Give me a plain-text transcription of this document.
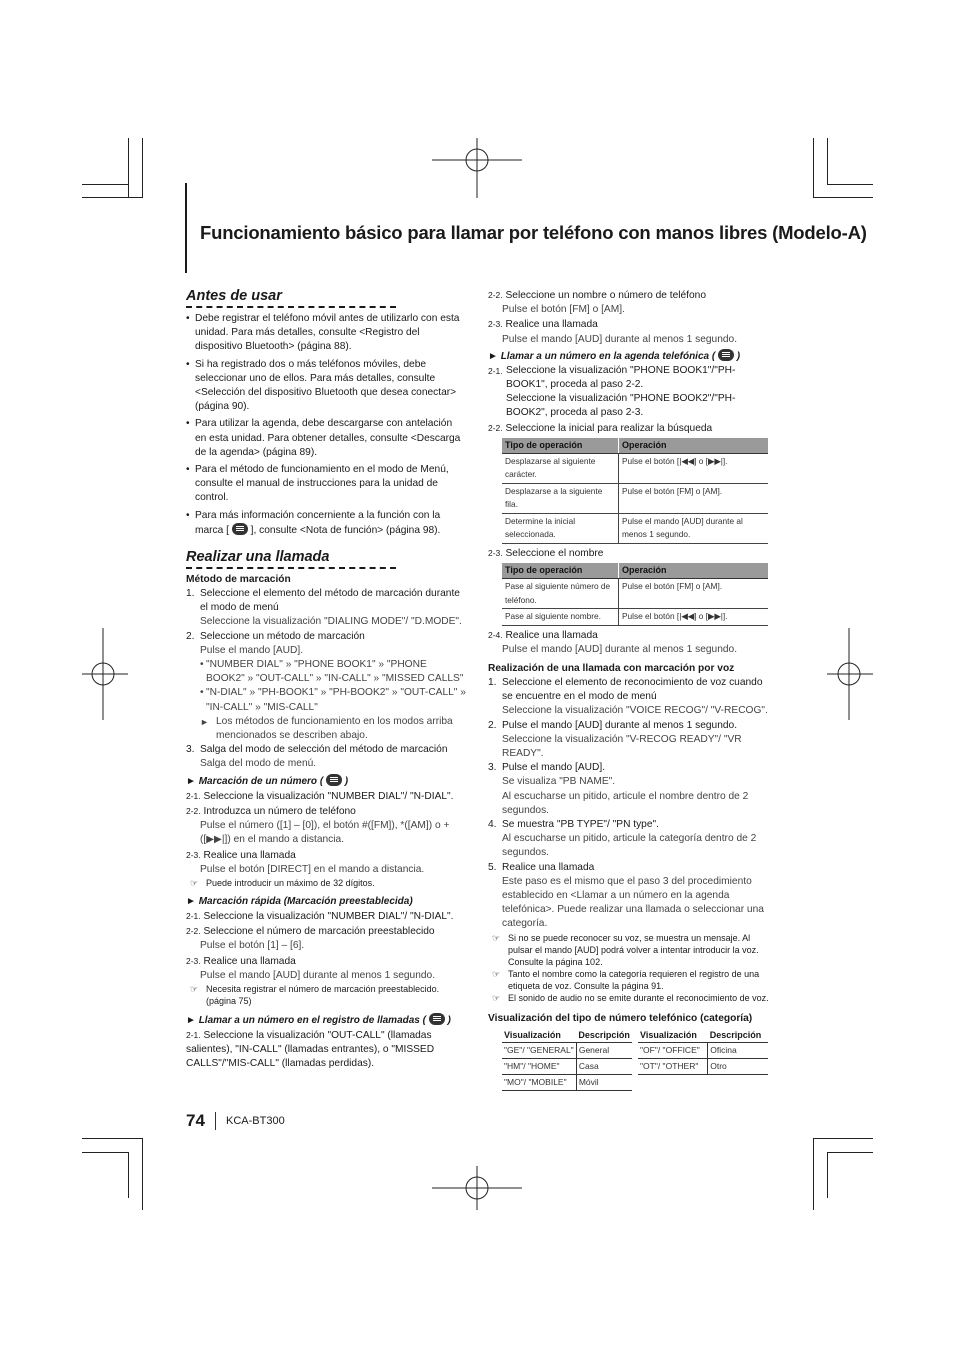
Funcionamiento básico para llamar por teléfono con manos libres (Modelo-A)
Antes de usar
• Debe registrar el teléfono móvil antes de utilizarlo con esta unidad. Para más detalles, consulte <Registro del dispositivo Bluetooth> (página 88).
• Si ha registrado dos o más teléfonos móviles, debe seleccionar uno de ellos. Para más detalles, consulte <Selección del dispositivo Bluetooth que desea conectar> (página 90).
• Para utilizar la agenda, debe descargarse con antelación en esta unidad. Para obtener detalles, consulte <Descarga de la agenda> (página 89).
• Para el método de funcionamiento en el modo de Menú, consulte el manual de instrucciones para la unidad de control.
• Para más información concerniente a la función con la marca [ ], consulte <Nota de función> (página 98).
Realizar una llamada
Método de marcación
1. Seleccione el elemento del método de marcación durante el modo de menú
Seleccione la visualización "DIALING MODE"/ "D.MODE".
2. Seleccione un método de marcación
Pulse el mando [AUD].
• "NUMBER DIAL" » "PHONE BOOK1" » "PHONE BOOK2" » "OUT-CALL" » "IN-CALL" » "MISSED CALLS"
• "N-DIAL" » "PH-BOOK1" » "PH-BOOK2" » "OUT-CALL" » "IN-CALL" » "MIS-CALL"
► Los métodos de funcionamiento en los modos arriba mencionados se describen abajo.
3. Salga del modo de selección del método de marcación
Salga del modo de menú.
► Marcación de un número ( )
2-1. Seleccione la visualización "NUMBER DIAL"/ "N-DIAL".
2-2. Introduzca un número de teléfono
Pulse el número ([1] – [0]), el botón #([FM]), *([AM]) o +([▶▶|]) en el mando a distancia.
2-3. Realice una llamada
Pulse el botón [DIRECT] en el mando a distancia.
☞ Puede introducir un máximo de 32 dígitos.
► Marcación rápida (Marcación preestablecida)
2-1. Seleccione la visualización "NUMBER DIAL"/ "N-DIAL".
2-2. Seleccione el número de marcación preestablecido
Pulse el botón [1] – [6].
2-3. Realice una llamada
Pulse el mando [AUD] durante al menos 1 segundo.
☞ Necesita registrar el número de marcación preestablecido. (página 75)
► Llamar a un número en el registro de llamadas ( )
2-1. Seleccione la visualización "OUT-CALL" (llamadas salientes), "IN-CALL" (llamadas entrantes), o "MISSED CALLS"/"MIS-CALL" (llamadas perdidas).
2-2. Seleccione un nombre o número de teléfono
Pulse el botón [FM] o [AM].
2-3. Realice una llamada
Pulse el mando [AUD] durante al menos 1 segundo.
► Llamar a un número en la agenda telefónica ( )
2-1. Seleccione la visualización "PHONE BOOK1"/"PH-BOOK1", proceda al paso 2-2.
Seleccione la visualización "PHONE BOOK2"/"PH-BOOK2", proceda al paso 2-3.
2-2. Seleccione la inicial para realizar la búsqueda
Tipo de operación	Operación
Desplazarse al siguiente carácter.	Pulse el botón [|◀◀] o [▶▶|].
Desplazarse a la siguiente fila.	Pulse el botón [FM] o [AM].
Determine la inicial seleccionada.	Pulse el mando [AUD] durante al menos 1 segundo.
2-3. Seleccione el nombre
Tipo de operación	Operación
Pase al siguiente número de teléfono.	Pulse el botón [FM] o [AM].
Pase al siguiente nombre.	Pulse el botón [|◀◀] o [▶▶|].
2-4. Realice una llamada
Pulse el mando [AUD] durante al menos 1 segundo.
Realización de una llamada con marcación por voz
1. Seleccione el elemento de reconocimiento de voz cuando se encuentre en el modo de menú
Seleccione la visualización "VOICE RECOG"/ "V-RECOG".
2. Pulse el mando [AUD] durante al menos 1 segundo.
Seleccione la visualización "V-RECOG READY"/ "VR READY".
3. Pulse el mando [AUD].
Se visualiza "PB NAME".
Al escucharse un pitido, articule el nombre dentro de 2 segundos.
4. Se muestra "PB TYPE"/ "PN type".
Al escucharse un pitido, articule la categoría dentro de 2 segundos.
5. Realice una llamada
Este paso es el mismo que el paso 3 del procedimiento establecido en <Llamar a un número en la agenda telefónica>. Puede realizar una llamada o seleccionar una categoría.
☞ Si no se puede reconocer su voz, se muestra un mensaje. Al pulsar el mando [AUD] podrá volver a intentar introducir la voz. Consulte la página 102.
☞ Tanto el nombre como la categoría requieren el registro de una etiqueta de voz. Consulte la página 91.
☞ El sonido de audio no se emite durante el reconocimiento de voz.
Visualización del tipo de número telefónico (categoría)
Visualización	Descripción
"GE"/ "GENERAL"	General
"HM"/ "HOME"	Casa
"MO"/ "MOBILE"	Móvil
Visualización	Descripción
"OF"/ "OFFICE"	Oficina
"OT"/ "OTHER"	Otro
74 KCA-BT300
